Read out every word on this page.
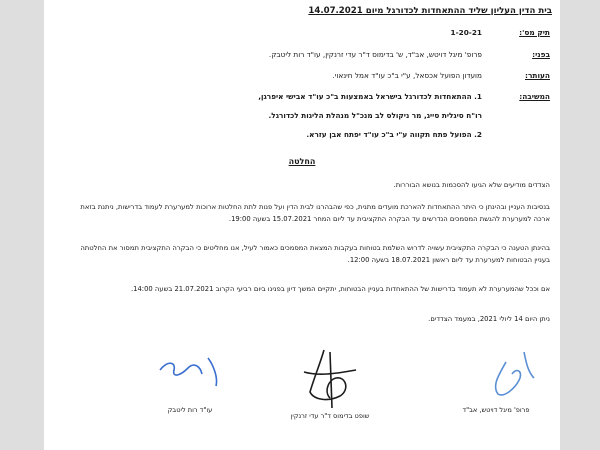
בית הדין העליון שליד ההתאחדות לכדורגל מיום 14.07.2021
תיק מס':
1-20-21
בפני:
פרופ' מיגל דויטש, אב"ד, ש' בדימוס ד"ר עדי זרנקין, עו"ד רות ליטבק.
העותר:
מועדון הפועל אכסאל, ע"י ב"כ עו"ד אמל חינאוי.
המשיבה:
1. ההתאחדות לכדורגל בישראל באמצעות ב"כ עו"ד אבישי איפרגן,
רו"ח סיגלית סייג, מר ניקולס לב מנכ"ל מנהלת הליגות לכדורגל.
2. הפועל פתח תקווה ע"י ב"כ עו"ד יפתח אבן עזרא.
החלטה
הצדדים מודיעים שלא הגיעו להסכמות בנושא הבוררות.
בנסיבות העניין ובהינתן כי היתר ההתאחדות להארכת מועדים מתנית, כפי שהבהרנו לבית הדין ועל פנות לתת החלטות ארוכות למערערת לעמוד בדרישות, ניתנת בזאת ארכה למערערת להגשת המסמכים הנדרשים עד הבקרה התקציבית עד ליום המחר 15.07.2021 בשעה 19:00.
בהינתן הטענה כי הבקרה התקציבית עשויה לדרוש השלמת בטוחות בעקבות המצאת המסמכים כאמור לעיל, אנו מחליטים כי הבקרה התקציבית תמסור את החלטתה בעניין הבטוחות למערערת עד ליום ראשון 18.07.2021 בשעה 12:00.
אם וככל שהמערערת לא תעמוד בדרישות של ההתאחדות בעניין הבטוחות, יתקיים המשך דיון בפנינו ביום רביעי הקרוב 21.07.2021 בשעה 14:00.
ניתן היום 14 ליולי 2021, במעמד הצדדים.
פרופ' מיגל דויטש, אב"ד
שופט בדימוס ד"ר עדי זרנקין
עו"ד רות ליטבק
